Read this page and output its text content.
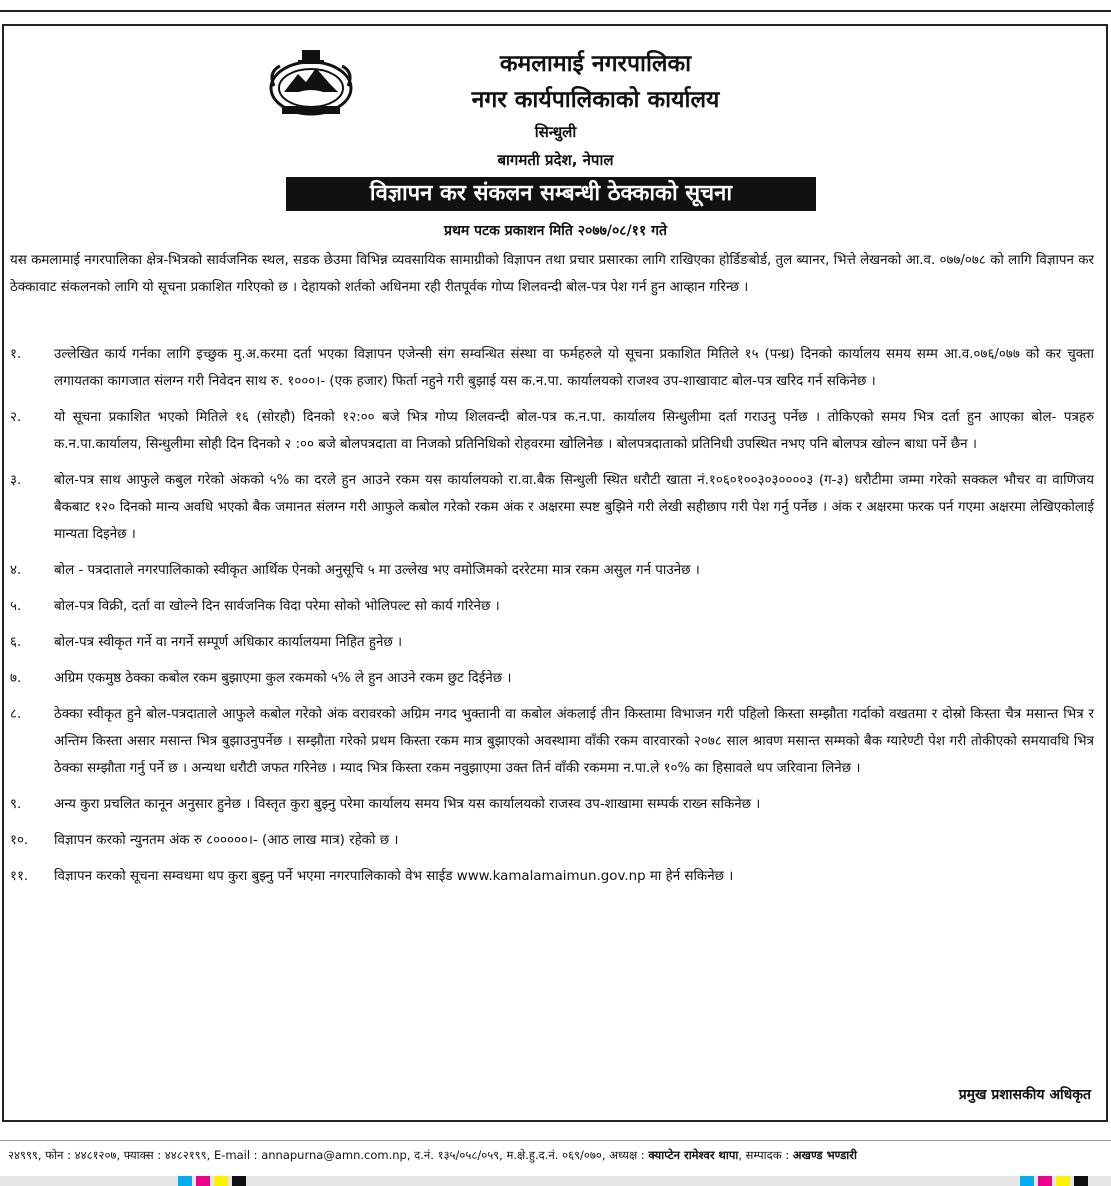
कमलामाई नगरपालिका
नगर कार्यपालिकाको कार्यालय
सिन्धुली
बागमती प्रदेश, नेपाल
विज्ञापन कर संकलन सम्बन्धी ठेक्काको सूचना
प्रथम पटक प्रकाशन मिति २०७७/०८/११ गते
यस कमलामाई नगरपालिका क्षेत्र-भित्रको सार्वजनिक स्थल, सडक छेउमा विभिन्न व्यवसायिक सामाग्रीको विज्ञापन तथा प्रचार प्रसारका लागि राखिएका होर्डिङबोर्ड, तुल ब्यानर, भित्ते लेखनको आ.व. ०७७/०७८ को लागि विज्ञापन कर ठेक्कावाट संकलनको लागि यो सूचना प्रकाशित गरिएको छ । देहायको शर्तको अधिनमा रही रीतपूर्वक गोप्य शिलवन्दी बोल-पत्र पेश गर्न हुन आव्हान गरिन्छ ।
१.	उल्लेखित कार्य गर्नका लागि इच्छुक मु.अ.करमा दर्ता भएका विज्ञापन एजेन्सी संग सम्वन्धित संस्था वा फर्महरुले यो सूचना प्रकाशित मितिले १५ (पन्ध्र) दिनको कार्यालय समय सम्म आ.व.०७६/०७७ को कर चुक्ता लगायतका कागजात संलग्न गरी निवेदन साथ रु. १०००।- (एक हजार) फिर्ता नहुने गरी बुझाई यस क.न.पा. कार्यालयको राजश्व उप-शाखावाट बोल-पत्र खरिद गर्न सकिनेछ ।
२.	यो सूचना प्रकाशित भएको मितिले १६ (सोरहौ) दिनको १२:०० बजे भित्र गोप्य शिलवन्दी बोल-पत्र क.न.पा. कार्यालय सिन्धुलीमा दर्ता गराउनु पर्नेछ । तोकिएको समय भित्र दर्ता हुन आएका बोल- पत्रहरु क.न.पा.कार्यालय, सिन्धुलीमा सोही दिन दिनको २ :०० बजे बोलपत्रदाता वा निजको प्रतिनिधिको रोहवरमा खोलिनेछ । बोलपत्रदाताको प्रतिनिधी उपस्थित नभए पनि बोलपत्र खोल्न बाधा पर्ने छैन ।
३.	बोल-पत्र साथ आफुले कबुल गरेको अंकको ५% का दरले हुन आउने रकम यस कार्यालयको रा.वा.बैक सिन्धुली स्थित धरौटी खाता नं.१०६०१००३०३००००३ (ग-३) धरौटीमा जम्मा गरेको सक्कल भौचर वा वाणिजय बैकबाट १२० दिनको मान्य अवधि भएको बैक जमानत संलग्न गरी आफुले कबोल गरेको रकम अंक र अक्षरमा स्पष्ट बुझिने गरी लेखी सहीछाप गरी पेश गर्नु पर्नेछ । अंक र अक्षरमा फरक पर्न गएमा अक्षरमा लेखिएकोलाई मान्यता दिइनेछ ।
४.	बोल - पत्रदाताले नगरपालिकाको स्वीकृत आर्थिक ऐनको अनुसूचि ५ मा उल्लेख भए वमोजिमको दररेटमा मात्र रकम असुल गर्न पाउनेछ ।
५.	बोल-पत्र विक्री, दर्ता वा खोल्ने दिन सार्वजनिक विदा परेमा सोको भोलिपल्ट सो कार्य गरिनेछ ।
६.	बोल-पत्र स्वीकृत गर्ने वा नगर्ने सम्पूर्ण अधिकार कार्यालयमा निहित हुनेछ ।
७.	अग्रिम एकमुष्ठ ठेक्का कबोल रकम बुझाएमा कुल रकमको ५% ले हुन आउने रकम छुट दिईनेछ ।
८.	ठेक्का स्वीकृत हुने बोल-पत्रदाताले आफुले कबोल गरेको अंक वरावरको अग्रिम नगद भुक्तानी वा कबोल अंकलाई तीन किस्तामा विभाजन गरी पहिलो किस्ता सम्झौता गर्दाको वखतमा र दोस्रो किस्ता चैत्र मसान्त भित्र र अन्तिम किस्ता असार मसान्त भित्र बुझाउनुपर्नेछ । सम्झौता गरेको प्रथम किस्ता रकम मात्र बुझाएको अवस्थामा वाँकी रकम वारवारको २०७८ साल श्रावण मसान्त सम्मको बैक ग्यारेण्टी पेश गरी तोकीएको समयावधि भित्र ठेक्का सम्झौता गर्नु पर्ने छ । अन्यथा धरौटी जफत गरिनेछ । म्याद भित्र किस्ता रकम नवुझाएमा उक्त तिर्न वाँकी रकममा न.पा.ले १०% का हिसावले थप जरिवाना लिनेछ ।
९.	अन्य कुरा प्रचलित कानून अनुसार हुनेछ । विस्तृत कुरा बुझ्नु परेमा कार्यालय समय भित्र यस कार्यालयको राजस्व उप-शाखामा सम्पर्क राख्न सकिनेछ ।
१०.	विज्ञापन करको न्युनतम अंक रु ८०००००।- (आठ लाख मात्र) रहेको छ ।
११.	विज्ञापन करको सूचना सम्वधमा थप कुरा बुझ्नु पर्ने भएमा नगरपालिकाको वेभ साईड www.kamalamaimun.gov.np मा हेर्न सकिनेछ ।
प्रमुख प्रशासकीय अधिकृत
२४९९९, फोन : ४४८१२०७, फ्याक्स : ४४८२१९९, E-mail : annapurna@amn.com.np, द.नं. १३५/०५८/०५९, म.क्षे.हु.द.नं. ०६९/०७०, अध्यक्ष : क्याप्टेन रामेश्वर थापा, सम्पादक : अखण्ड भण्डारी
